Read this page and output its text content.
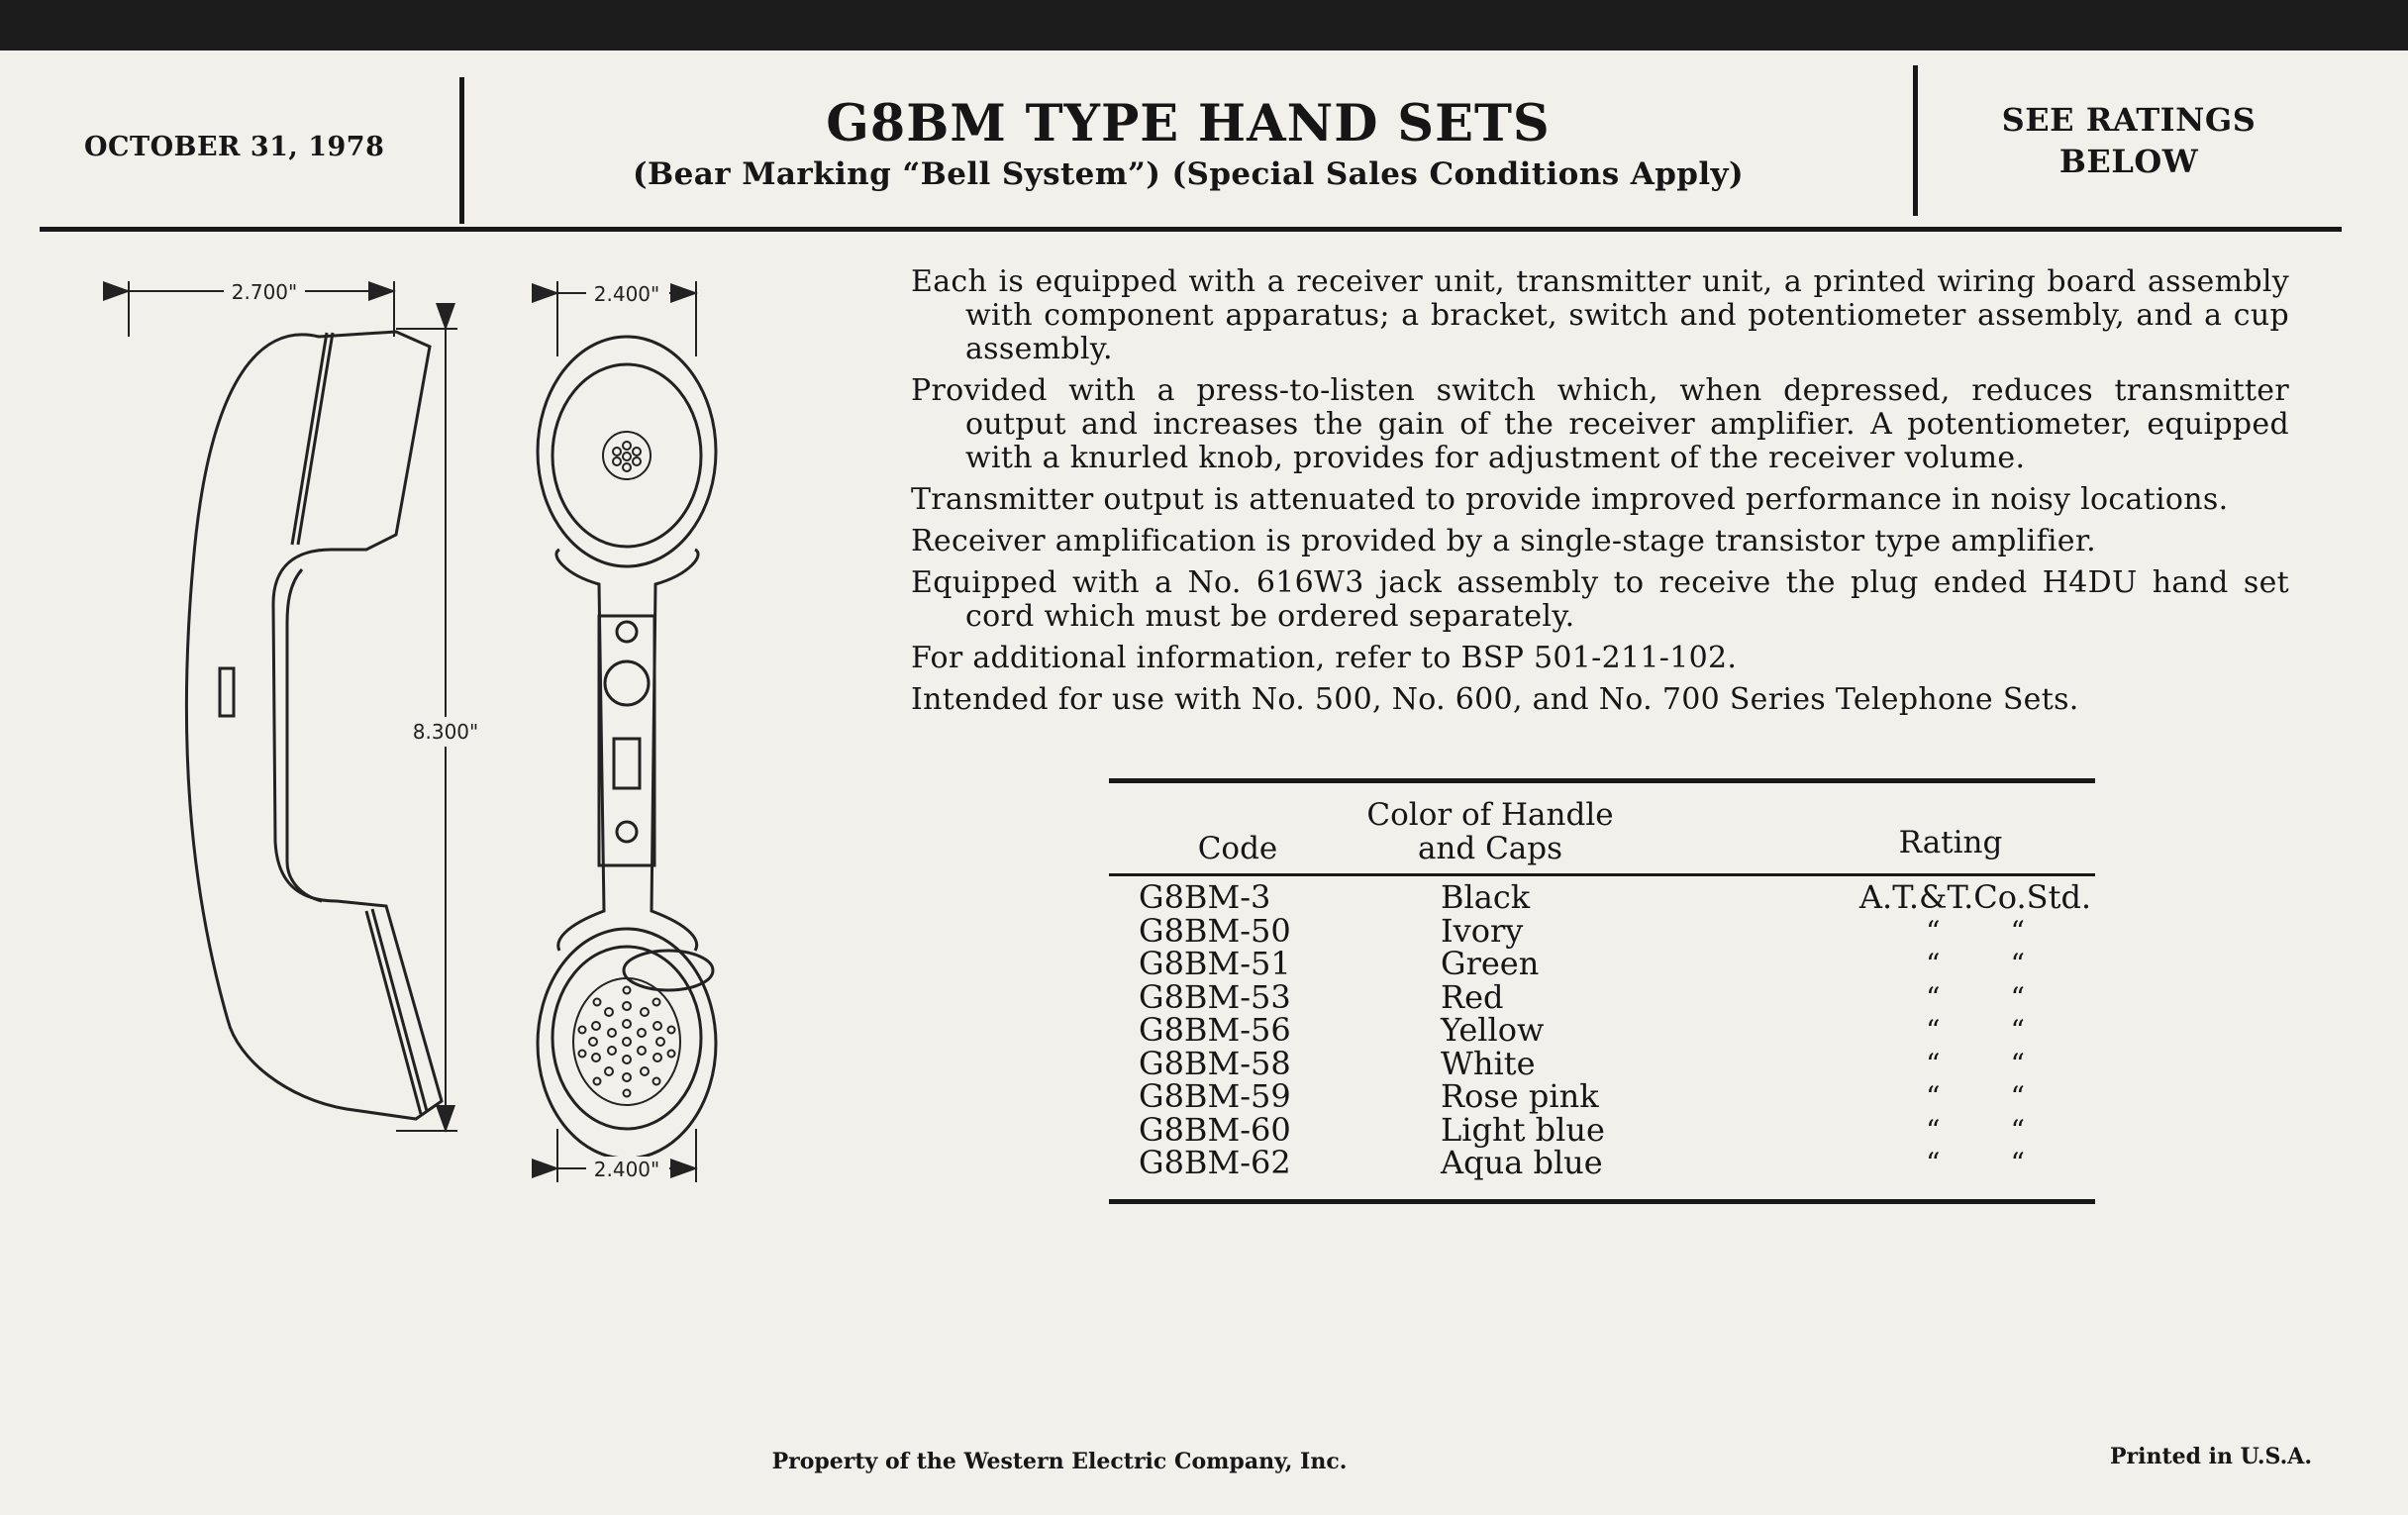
OCTOBER 31, 1978	G8BM TYPE HAND SETS
(Bear Marking “Bell System”) (Special Sales Conditions Apply)
SEE RATINGS
BELOW
2.700"
8.300"
2.400"
2.400"

Each is equipped with a receiver unit, transmitter unit, a printed wiring board assembly with component apparatus; a bracket, switch and potentiometer assembly, and a cup assembly.

Provided with a press-to-listen switch which, when depressed, reduces transmitter output and increases the gain of the receiver amplifier. A potentiometer, equipped with a knurled knob, provides for adjustment of the receiver volume.

Transmitter output is attenuated to provide improved performance in noisy locations.

Receiver amplification is provided by a single-stage transistor type amplifier.

Equipped with a No. 616W3 jack assembly to receive the plug ended H4DU hand set cord which must be ordered separately.

For additional information, refer to BSP 501-211-102.

Intended for use with No. 500, No. 600, and No. 700 Series Telephone Sets.

Code
Color of Handle
and Caps	Rating
G8BM-3	Black	A.T.&T.Co.Std.
G8BM-50	Ivory	“        “
G8BM-51	Green	“        “
G8BM-53	Red	“        “
G8BM-56	Yellow	“        “
G8BM-58	White	“        “
G8BM-59	Rose pink	“        “
G8BM-60	Light blue	“        “
G8BM-62	Aqua blue	“        “
Property of the Western Electric Company, Inc.	Printed in U.S.A.
